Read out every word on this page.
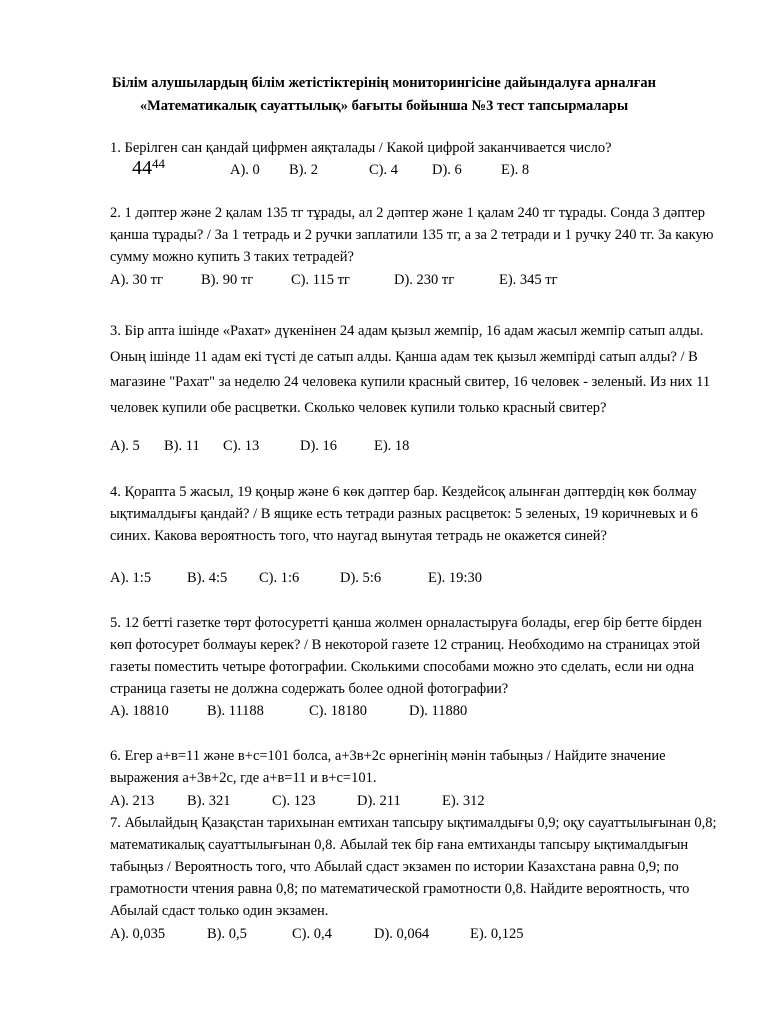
Білім алушылардың білім жетістіктерінің мониторингісіне дайындалуға арналған
«Математикалық сауаттылық» бағыты бойынша №3 тест тапсырмалары
1. Берілген сан қандай цифрмен аяқталады / Какой цифрой заканчивается число?
$44^{44}$	A). 0 B). 2	C). 4 D). 6	E). 8
2. 1 дәптер және 2 қалам 135 тг тұрады, ал 2 дәптер және 1 қалам 240 тг тұрады. Сонда 3 дәптер қанша тұрады? / За 1 тетрадь и 2 ручки заплатили 135 тг, а за 2 тетради и 1 ручку 240 тг. За какую сумму можно купить 3 таких тетрадей?
A). 30 тг	B). 90 тг	C). 115 тг	D). 230 тг	E). 345 тг
3. Бір апта ішінде «Рахат» дүкенінен 24 адам қызыл жемпір, 16 адам жасыл жемпір сатып алды. Оның ішінде 11 адам екі түсті де сатып алды. Қанша адам тек қызыл жемпірді сатып алды? / В магазине "Рахат" за неделю 24 человека купили красный свитер, 16 человек - зеленый. Из них 11 человек купили обе расцветки. Сколько человек купили только красный свитер?
A). 5 B). 11 C). 13	D). 16	E). 18
4. Қорапта 5 жасыл, 19 қоңыр және 6 көк дәптер бар. Кездейсоқ алынған дәптердің көк болмау ықтималдығы қандай? / В ящике есть тетради разных расцветок: 5 зеленых, 19 коричневых и 6 синих. Какова вероятность того, что наугад вынутая тетрадь не окажется синей?
A). 1:5 B). 4:5 C). 1:6	D). 5:6	E). 19:30
5. 12 бетті газетке төрт фотосуретті қанша жолмен орналастыруға болады, егер бір бетте бірден көп фотосурет болмауы керек? / В некоторой газете 12 страниц. Необходимо на страницах этой газеты поместить четыре фотографии. Сколькими способами можно это сделать, если ни одна страница газеты не должна содержать более одной фотографии?
A). 18810	B). 11188	C). 18180	D). 11880
6. Егер а+в=11 және в+с=101 болса, а+3в+2с өрнегінің мәнін табыңыз / Найдите значение выражения а+3в+2с, где а+в=11 и в+с=101.
A). 213 B). 321	C). 123	D). 211	E). 312
7. Абылайдың Қазақстан тарихынан емтихан тапсыру ықтималдығы 0,9; оқу сауаттылығынан 0,8; математикалық сауаттылығынан 0,8. Абылай тек бір ғана емтиханды тапсыру ықтималдығын табыңыз / Вероятность того, что Абылай сдаст экзамен по истории Казахстана равна 0,9; по грамотности чтения равна 0,8; по математической грамотности 0,8. Найдите вероятность, что Абылай сдаст только один экзамен.
A). 0,035	B). 0,5	C). 0,4	D). 0,064	E). 0,125
